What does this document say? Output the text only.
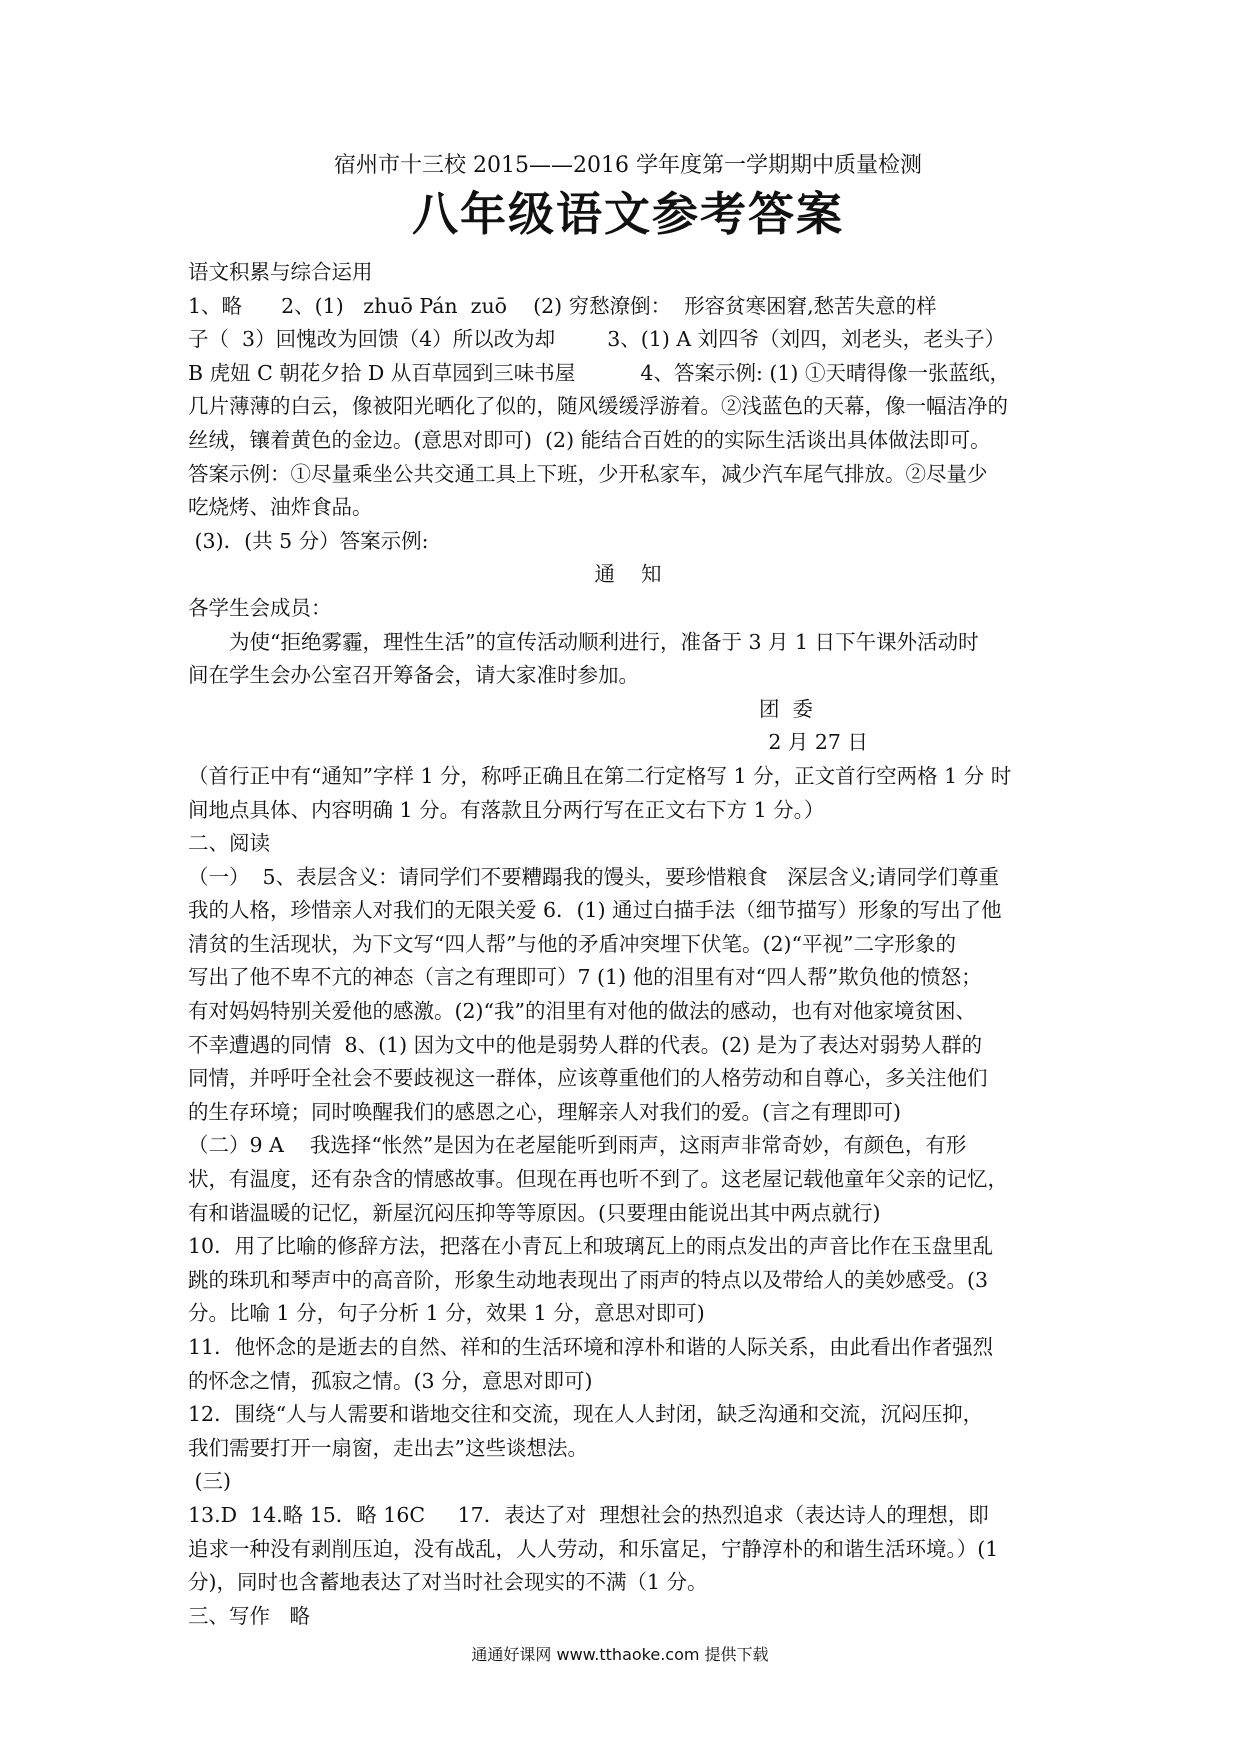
宿州市十三校 2015——2016 学年度第一学期期中质量检测

八年级语文参考答案

语文积累与综合运用

1、略      2、(1)   zhuō Pán  zuō    (2) 穷愁潦倒：  形容贫寒困窘,愁苦失意的样

子（  3）回愧改为回馈（4）所以改为却        3、(1) A 刘四爷（刘四，刘老头，老头子）

B 虎妞 C 朝花夕拾 D 从百草园到三味书屋          4、答案示例: (1) ①天晴得像一张蓝纸，

几片薄薄的白云，像被阳光晒化了似的，随风缓缓浮游着。②浅蓝色的天幕，像一幅洁净的

丝绒，镶着黄色的金边。(意思对即可)  (2) 能结合百姓的的实际生活谈出具体做法即可。

答案示例：①尽量乘坐公共交通工具上下班，少开私家车，减少汽车尾气排放。②尽量少

吃烧烤、油炸食品。

(3)．(共 5 分）答案示例:

通    知

各学生会成员：

为使“拒绝雾霾，理性生活”的宣传活动顺利进行，准备于 3 月 1 日下午课外活动时

间在学生会办公室召开筹备会，请大家准时参加。

团  委

2 月 27 日

（首行正中有“通知”字样 1 分，称呼正确且在第二行定格写 1 分，正文首行空两格 1 分 时

间地点具体、内容明确 1 分。有落款且分两行写在正文右下方 1 分。）

二、阅读

（一）  5、表层含义：请同学们不要糟蹋我的馒头，要珍惜粮食   深层含义;请同学们尊重

我的人格，珍惜亲人对我们的无限关爱 6．(1) 通过白描手法（细节描写）形象的写出了他

清贫的生活现状，为下文写“四人帮”与他的矛盾冲突埋下伏笔。(2)“平视”二字形象的

写出了他不卑不亢的神态（言之有理即可）7 (1) 他的泪里有对“四人帮”欺负他的愤怒；

有对妈妈特别关爱他的感激。(2)“我”的泪里有对他的做法的感动，也有对他家境贫困、

不幸遭遇的同情  8、(1) 因为文中的他是弱势人群的代表。(2) 是为了表达对弱势人群的

同情，并呼吁全社会不要歧视这一群体，应该尊重他们的人格劳动和自尊心，多关注他们

的生存环境；同时唤醒我们的感恩之心，理解亲人对我们的爱。(言之有理即可)

（二）9 A    我选择“怅然”是因为在老屋能听到雨声，这雨声非常奇妙，有颜色，有形

状，有温度，还有杂含的情感故事。但现在再也听不到了。这老屋记载他童年父亲的记忆，

有和谐温暖的记忆，新屋沉闷压抑等等原因。(只要理由能说出其中两点就行)

10．用了比喻的修辞方法，把落在小青瓦上和玻璃瓦上的雨点发出的声音比作在玉盘里乱

跳的珠玑和琴声中的高音阶，形象生动地表现出了雨声的特点以及带给人的美妙感受。(3

分。比喻 1 分，句子分析 1 分，效果 1 分，意思对即可)

11．他怀念的是逝去的自然、祥和的生活环境和淳朴和谐的人际关系，由此看出作者强烈

的怀念之情，孤寂之情。(3 分，意思对即可)

12．围绕“人与人需要和谐地交往和交流，现在人人封闭，缺乏沟通和交流，沉闷压抑，

我们需要打开一扇窗，走出去”这些谈想法。

(三)

13.D  14.略 15．略 16C     17．表达了对  理想社会的热烈追求（表达诗人的理想，即

追求一种没有剥削压迫，没有战乱，人人劳动，和乐富足，宁静淳朴的和谐生活环境。）(1

分)，同时也含蓄地表达了对当时社会现实的不满（1 分。

三、写作   略

通通好课网 www.tthaoke.com 提供下载
